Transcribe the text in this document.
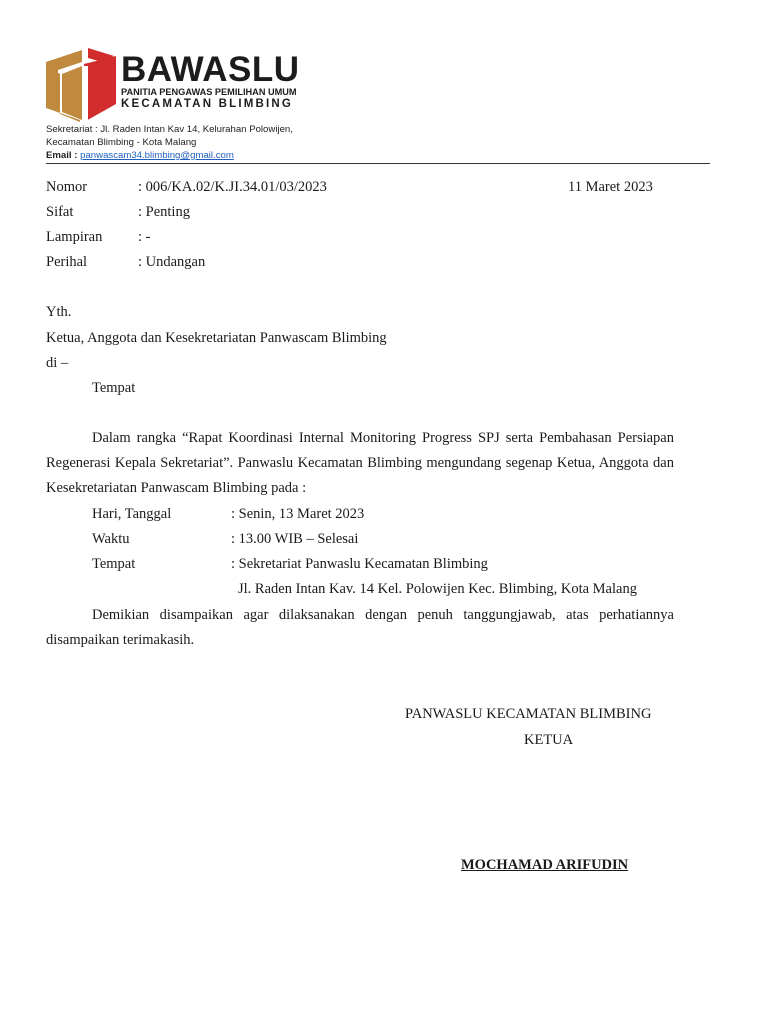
BAWASLU
PANITIA PENGAWAS PEMILIHAN UMUM
KECAMATAN BLIMBING
Sekretariat : Jl. Raden Intan Kav 14, Kelurahan Polowijen,
Kecamatan Blimbing - Kota Malang
Email : panwascam34.blimbing@gmail.com
Nomor	: 006/KA.02/K.JI.34.01/03/2023	11 Maret 2023
Sifat	: Penting
Lampiran : -
Perihal	: Undangan
Yth.
Ketua, Anggota dan Kesekretariatan Panwascam Blimbing
di –
Tempat
Dalam rangka “Rapat Koordinasi Internal Monitoring Progress SPJ serta Pembahasan Persiapan Regenerasi Kepala Sekretariat”. Panwaslu Kecamatan Blimbing mengundang segenap Ketua, Anggota dan Kesekretariatan Panwascam Blimbing pada :
Hari, Tanggal	: Senin, 13 Maret 2023
Waktu	: 13.00 WIB – Selesai
Tempat	: Sekretariat Panwaslu Kecamatan Blimbing
Jl. Raden Intan Kav. 14 Kel. Polowijen Kec. Blimbing, Kota Malang
Demikian disampaikan agar dilaksanakan dengan penuh tanggungjawab, atas perhatiannya disampaikan terimakasih.
PANWASLU KECAMATAN BLIMBING
KETUA
MOCHAMAD ARIFUDIN
